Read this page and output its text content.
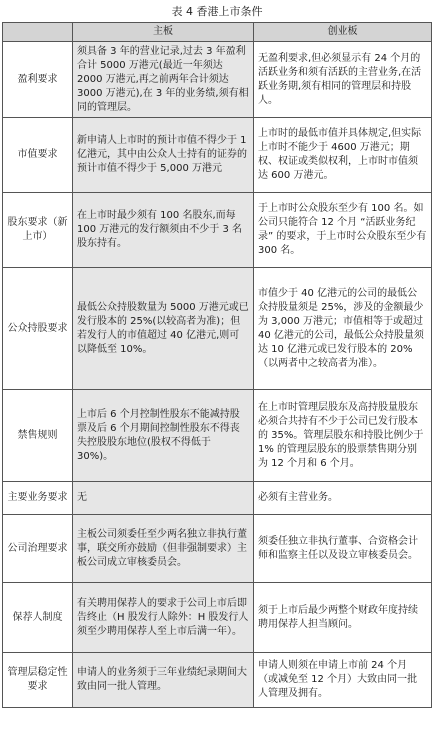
表 4 香港上市条件
	主板	创业板
盈利要求	须具备 3 年的营业记录,过去 3 年盈利合计 5000 万港元(最近一年须达 2000 万港元,再之前两年合计须达 3000 万港元),在 3 年的业务绩,须有相同的管理层。	无盈利要求,但必须显示有 24 个月的活跃业务和须有活跃的主营业务,在活跃业务期,须有相同的管理层和持股人。
市值要求	新申请人上市时的预计市值不得少于 1 亿港元，其中由公众人士持有的证券的预计市值不得少于 5,000 万港元	上市时的最低市值并具体规定,但实际上市时不能少于 4600 万港元；期权、权证或类似权利，上市时市值须达 600 万港元。
股东要求（新上市）	在上市时最少须有 100 名股东,而每 100 万港元的发行额须由不少于 3 名股东持有。	于上市时公众股东至少有 100 名。如公司只能符合 12 个月 “活跃业务纪录” 的要求，于上市时公众股东至少有 300 名。
公众持股要求	最低公众持股数量为 5000 万港元或已发行股本的 25%(以较高者为准)；但若发行人的市值超过 40 亿港元,则可以降低至 10%。	市值少于 40 亿港元的公司的最低公众持股量须是 25%，涉及的金额最少为 3,000 万港元；市值相等于或超过 40 亿港元的公司，最低公众持股量须达 10 亿港元或已发行股本的 20%（以两者中之较高者为准）。
禁售规则	上市后 6 个月控制性股东不能减持股票及后 6 个月期间控制性股东不得丧失控股股东地位(股权不得低于 30%)。	在上市时管理层股东及高持股量股东必须合共持有不少于公司已发行股本的 35%。管理层股东和持股比例少于 1% 的管理层股东的股票禁售期分别为 12 个月和 6 个月。
主要业务要求	无	必须有主营业务。
公司治理要求	主板公司须委任至少两名独立非执行董事，联交所亦鼓励（但非强制要求）主板公司成立审核委员会。	须委任独立非执行董事、合资格会计师和监察主任以及设立审核委员会。
保荐人制度	有关聘用保荐人的要求于公司上市后即告终止（H 股发行人除外：H 股发行人须至少聘用保荐人至上市后满一年）。	须于上市后最少两整个财政年度持续聘用保荐人担当顾问。
管理层稳定性要求	申请人的业务须于三年业绩纪录期间大致由同一批人管理。	申请人则须在申请上市前 24 个月（或减免至 12 个月）大致由同一批人管理及拥有。
